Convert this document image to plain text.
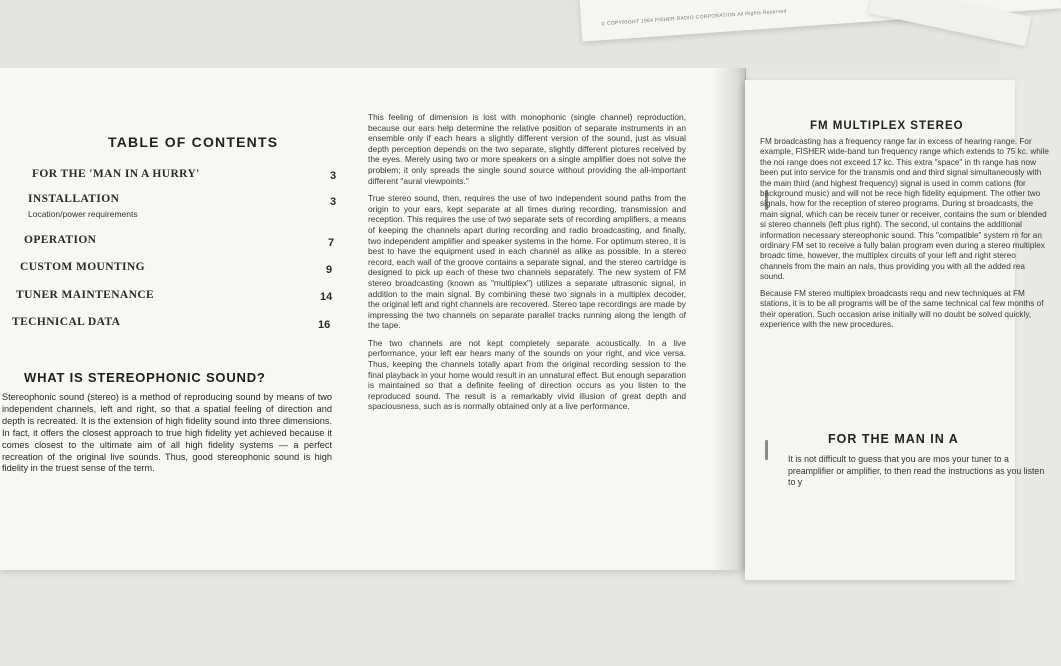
© COPYRIGHT 1964 FISHER RADIO CORPORATION All Rights Reserved
TABLE OF CONTENTS
FOR THE 'MAN IN A HURRY'	3
INSTALLATION	3
Location/power requirements
OPERATION	7
CUSTOM MOUNTING	9
TUNER MAINTENANCE	14
TECHNICAL DATA	16
WHAT IS STEREOPHONIC SOUND?
Stereophonic sound (stereo) is a method of reproducing sound by means of two independent channels, left and right, so that a spatial feeling of direction and depth is recreated. It is the extension of high fidelity sound into three dimensions. In fact, it offers the closest approach to true high fidelity yet achieved because it comes closest to the ultimate aim of all high fidelity systems — a perfect recreation of the original live sounds. Thus, good stereophonic sound is high fidelity in the truest sense of the term.

This feeling of dimension is lost with monophonic (single channel) reproduction, because our ears help determine the relative position of separate instruments in an ensemble only if each hears a slightly different version of the sound, just as visual depth perception depends on the two separate, slightly different pictures received by the eyes. Merely using two or more speakers on a single amplifier does not solve the problem; it only spreads the single sound source without providing the all-important different "aural viewpoints."

True stereo sound, then, requires the use of two independent sound paths from the origin to your ears, kept separate at all times during recording, transmission and reception. This requires the use of two separate sets of recording amplifiers, a means of keeping the channels apart during recording and radio broadcasting, and finally, two independent amplifier and speaker systems in the home. For optimum stereo, it is best to have the equipment used in each channel as alike as possible. In a stereo record, each wall of the groove contains a separate signal, and the stereo cartridge is designed to pick up each of these two channels separately. The new system of FM stereo broadcasting (known as "multiplex") utilizes a separate ultrasonic signal, in addition to the main signal. By combining these two signals in a multiplex decoder, the original left and right channels are recovered. Stereo tape recordings are made by impressing the two channels on separate parallel tracks running along the length of the tape.

The two channels are not kept completely separate acoustically. In a live performance, your left ear hears many of the sounds on your right, and vice versa. Thus, keeping the channels totally apart from the original recording session to the final playback in your home would result in an unnatural effect. But enough separation is maintained so that a definite feeling of direction occurs as you listen to the reproduced sound. The result is a remarkably vivid illusion of great depth and spaciousness, such as is normally obtained only at a live performance.

FM MULTIPLEX STEREO

FM broadcasting has a frequency range far in excess of hearing range. For example, FISHER wide-band tun frequency range which extends to 75 kc. while the noi range does not exceed 17 kc. This extra "space" in th range has now been put into service for the transmis ond and third signal simultaneously with the main third (and highest frequency) signal is used in comm cations (for background music) and will not be rece high fidelity equipment. The other two signals, how for the reception of stereo programs. During st broadcasts, the main signal, which can be receiv tuner or receiver, contains the sum or blended si stereo channels (left plus right). The second, ul contains the additional information necessary stereophonic sound. This "compatible" system m for an ordinary FM set to receive a fully balan program even during a stereo multiplex broadc time, however, the multiplex circuits of your left and right stereo channels from the main an nals, thus providing you with all the added rea sound.

Because FM stereo multiplex broadcasts requ and new techniques at FM stations, it is to be all programs will be of the same technical cal few months of their operation. Such occasion arise initially will no doubt be solved quickly, experience with the new procedures.

FOR THE MAN IN A

It is not difficult to guess that you are mos your tuner to a preamplifier or amplifier, to then read the instructions as you listen to y
